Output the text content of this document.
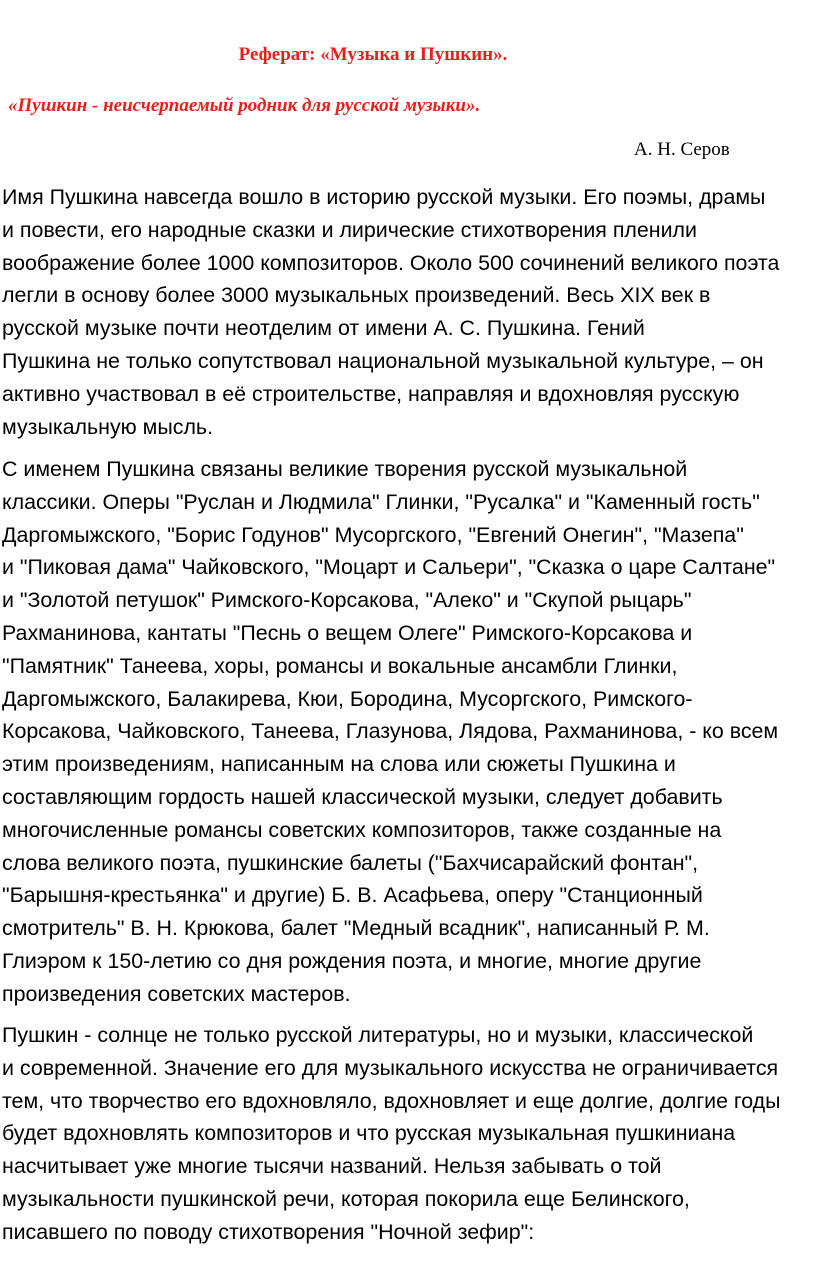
Реферат: «Музыка и Пушкин».

«Пушкин - неисчерпаемый родник для русской музыки».

А. Н. Серов

Имя Пушкина навсегда вошло в историю русской музыки. Его поэмы, драмы
и повести, его народные сказки и лирические стихотворения пленили
воображение более 1000 композиторов. Около 500 сочинений великого поэта
легли в основу более 3000 музыкальных произведений. Весь XIX век в
русской музыке почти неотделим от имени А. С. Пушкина. Гений
Пушкина не только сопутствовал национальной музыкальной культуре, – он
активно участвовал в её строительстве, направляя и вдохновляя русскую
музыкальную мысль.
С именем Пушкина связаны великие творения русской музыкальной
классики. Оперы "Руслан и Людмила" Глинки, "Русалка" и "Каменный гость"
Даргомыжского, "Борис Годунов" Мусоргского, "Евгений Онегин", "Мазепа"
и "Пиковая дама" Чайковского, "Моцарт и Сальери", "Сказка о царе Салтане"
и "Золотой петушок" Римского-Корсакова, "Алеко" и "Скупой рыцарь"
Рахманинова, кантаты "Песнь о вещем Олеге" Римского-Корсакова и
"Памятник" Танеева, хоры, романсы и вокальные ансамбли Глинки,
Даргомыжского, Балакирева, Кюи, Бородина, Мусоргского, Римского-
Корсакова, Чайковского, Танеева, Глазунова, Лядова, Рахманинова, - ко всем
этим произведениям, написанным на слова или сюжеты Пушкина и
составляющим гордость нашей классической музыки, следует добавить
многочисленные романсы советских композиторов, также созданные на
слова великого поэта, пушкинские балеты ("Бахчисарайский фонтан",
"Барышня-крестьянка" и другие) Б. В. Асафьева, оперу "Станционный
смотритель" В. Н. Крюкова, балет "Медный всадник", написанный Р. М.
Глиэром к 150-летию со дня рождения поэта, и многие, многие другие
произведения советских мастеров.
Пушкин - солнце не только русской литературы, но и музыки, классической
и современной. Значение его для музыкального искусства не ограничивается
тем, что творчество его вдохновляло, вдохновляет и еще долгие, долгие годы
будет вдохновлять композиторов и что русская музыкальная пушкиниана
насчитывает уже многие тысячи названий. Нельзя забывать о той
музыкальности пушкинской речи, которая покорила еще Белинского,
писавшего по поводу стихотворения "Ночной зефир":
